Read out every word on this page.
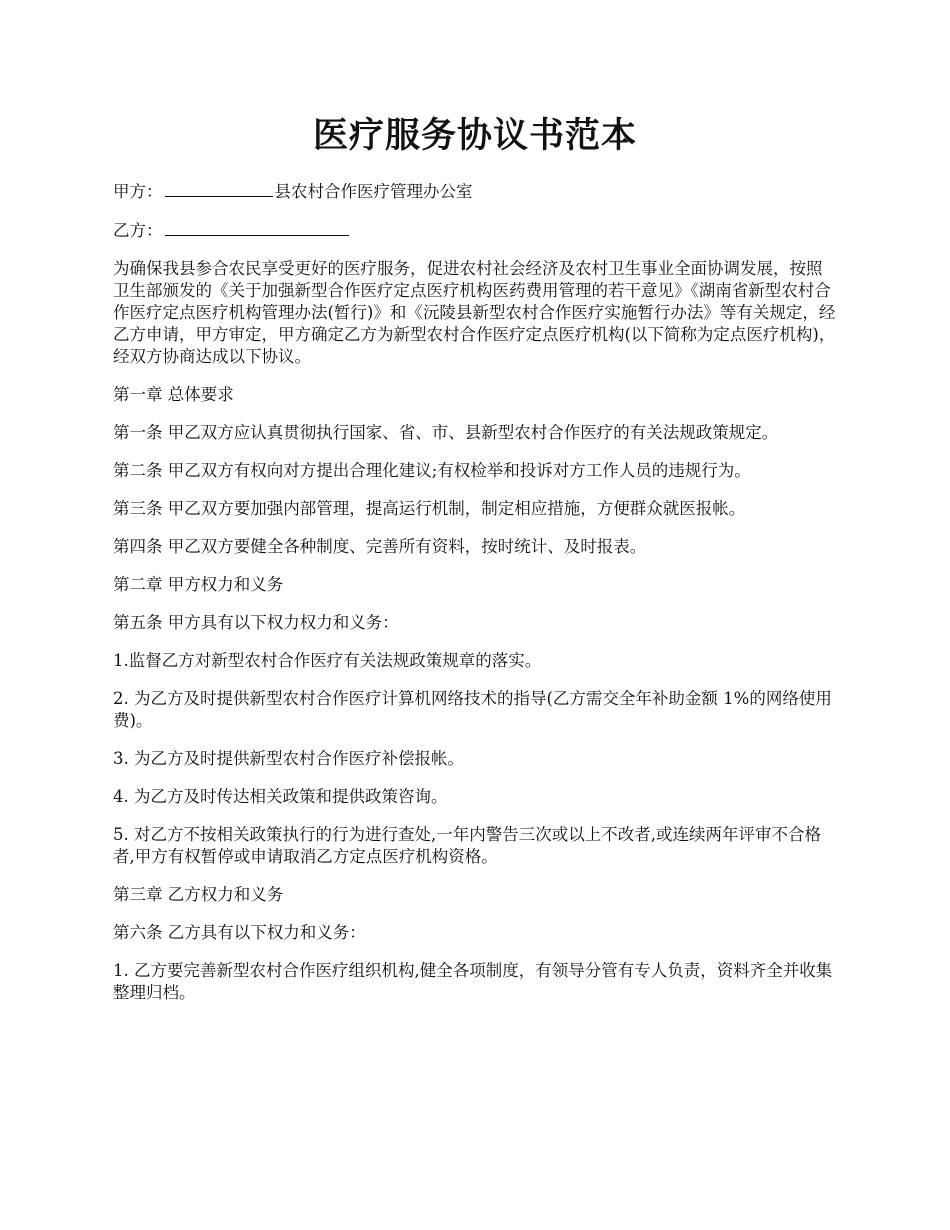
医疗服务协议书范本

甲方：	县农村合作医疗管理办公室

乙方：

为确保我县参合农民享受更好的医疗服务，促进农村社会经济及农村卫生事业全面协调发展，按照卫生部颁发的《关于加强新型合作医疗定点医疗机构医药费用管理的若干意见》《湖南省新型农村合作医疗定点医疗机构管理办法(暂行)》和《沅陵县新型农村合作医疗实施暂行办法》等有关规定，经乙方申请，甲方审定，甲方确定乙方为新型农村合作医疗定点医疗机构(以下简称为定点医疗机构)，经双方协商达成以下协议。

第一章 总体要求

第一条 甲乙双方应认真贯彻执行国家、省、市、县新型农村合作医疗的有关法规政策规定。

第二条 甲乙双方有权向对方提出合理化建议;有权检举和投诉对方工作人员的违规行为。

第三条 甲乙双方要加强内部管理，提高运行机制，制定相应措施，方便群众就医报帐。

第四条 甲乙双方要健全各种制度、完善所有资料，按时统计、及时报表。

第二章 甲方权力和义务

第五条 甲方具有以下权力权力和义务：

1.监督乙方对新型农村合作医疗有关法规政策规章的落实。

2. 为乙方及时提供新型农村合作医疗计算机网络技术的指导(乙方需交全年补助金额 1%的网络使用费)。

3. 为乙方及时提供新型农村合作医疗补偿报帐。

4. 为乙方及时传达相关政策和提供政策咨询。

5. 对乙方不按相关政策执行的行为进行查处,一年内警告三次或以上不改者,或连续两年评审不合格者,甲方有权暂停或申请取消乙方定点医疗机构资格。

第三章 乙方权力和义务

第六条 乙方具有以下权力和义务：

1. 乙方要完善新型农村合作医疗组织机构,健全各项制度，有领导分管有专人负责，资料齐全并收集整理归档。
